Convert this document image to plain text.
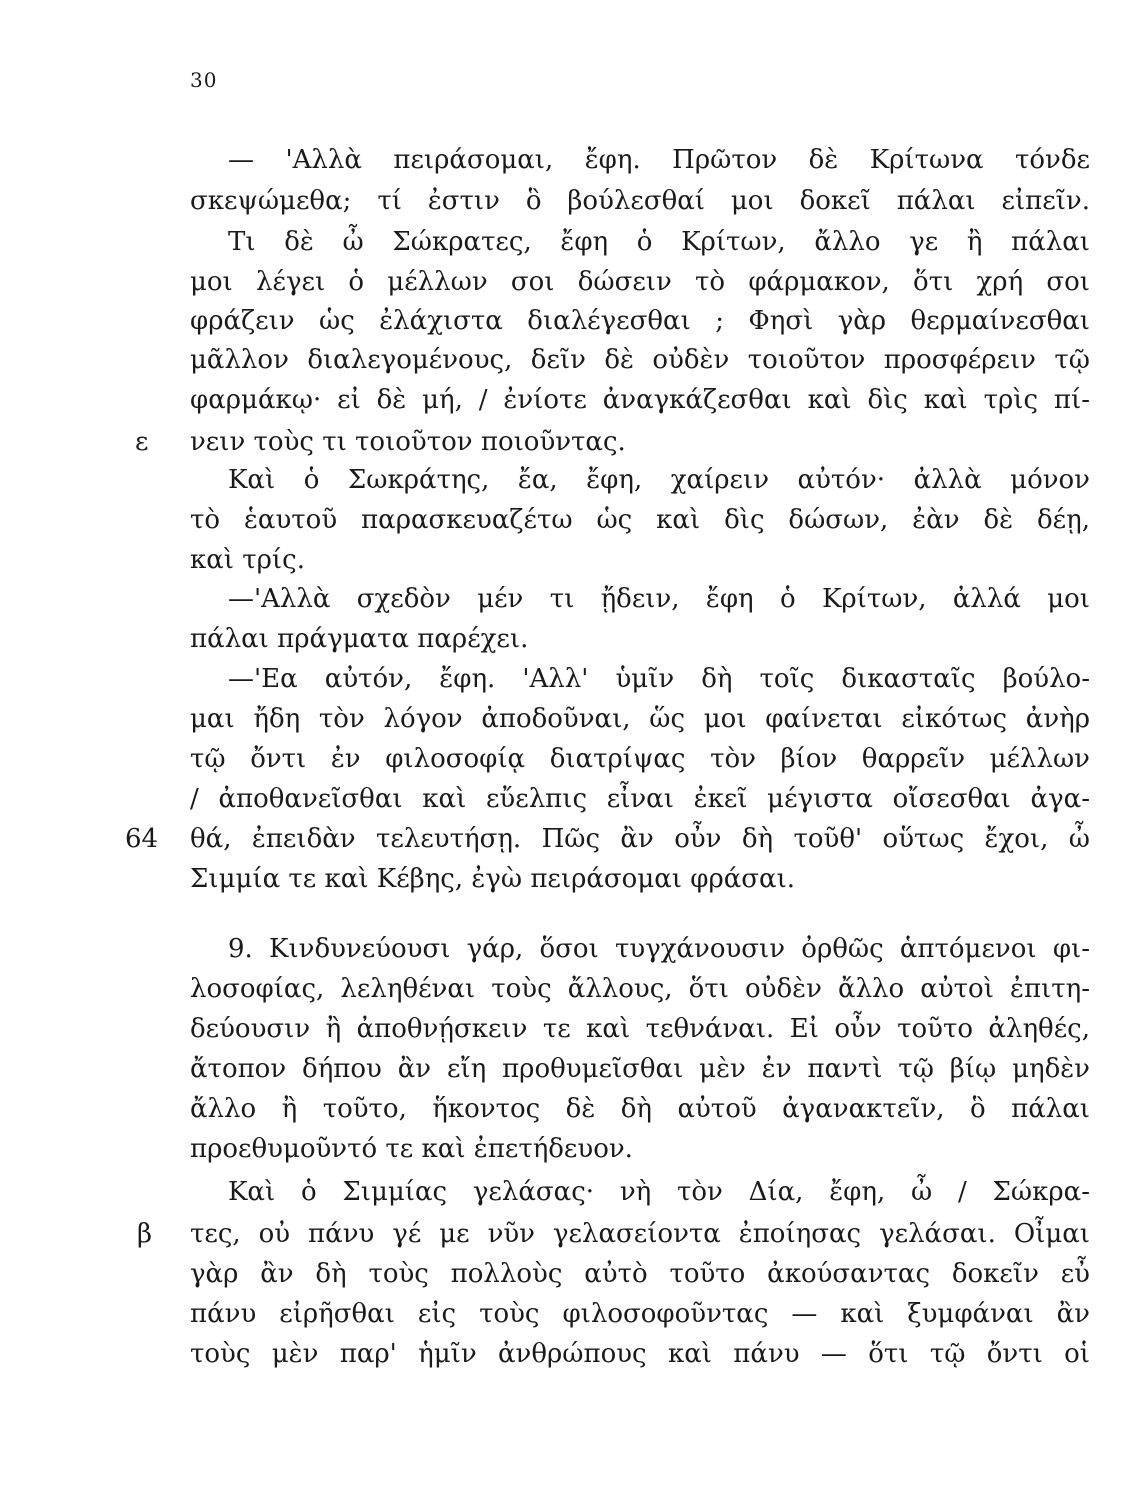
30
ε
64
β
— 'Αλλὰ πειράσομαι, ἔφη. Πρῶτον δὲ Κρίτωνα τόνδε
σκεψώμεθα; τί ἐστιν ὃ βούλεσθαί μοι δοκεῖ πάλαι εἰπεῖν.
Τι δὲ ὦ Σώκρατες, ἔφη ὁ Κρίτων, ἄλλο γε ἢ πάλαι
μοι λέγει ὁ μέλλων σοι δώσειν τὸ φάρμακον, ὅτι χρή σοι
φράζειν ὡς ἐλάχιστα διαλέγεσθαι ; Φησὶ γὰρ θερμαίνεσθαι
μᾶλλον διαλεγομένους, δεῖν δὲ οὐδὲν τοιοῦτον προσφέρειν τῷ
φαρμάκῳ· εἰ δὲ μή, / ἐνίοτε ἀναγκάζεσθαι καὶ δὶς καὶ τρὶς πί-
νειν τοὺς τι τοιοῦτον ποιοῦντας.
Καὶ ὁ Σωκράτης, ἔα, ἔφη, χαίρειν αὐτόν· ἀλλὰ μόνον
τὸ ἑαυτοῦ παρασκευαζέτω ὡς καὶ δὶς δώσων, ἐὰν δὲ δέῃ,
καὶ τρίς.
—'Αλλὰ σχεδὸν μέν τι ᾔδειν, ἔφη ὁ Κρίτων, ἀλλά μοι
πάλαι πράγματα παρέχει.
—'Εα αὐτόν, ἔφη. 'Αλλ' ὑμῖν δὴ τοῖς δικασταῖς βούλο-
μαι ἤδη τὸν λόγον ἀποδοῦναι, ὥς μοι φαίνεται εἰκότως ἀνὴρ
τῷ ὄντι ἐν φιλοσοφίᾳ διατρίψας τὸν βίον θαρρεῖν μέλλων
/ ἀποθανεῖσθαι καὶ εὔελπις εἶναι ἐκεῖ μέγιστα οἴσεσθαι ἀγα-
θά, ἐπειδὰν τελευτήσῃ. Πῶς ἂν οὖν δὴ τοῦθ' οὕτως ἔχοι, ὦ
Σιμμία τε καὶ Κέβης, ἐγὼ πειράσομαι φράσαι.
9. Κινδυνεύουσι γάρ, ὅσοι τυγχάνουσιν ὀρθῶς ἁπτόμενοι φι-
λοσοφίας, λεληθέναι τοὺς ἄλλους, ὅτι οὐδὲν ἄλλο αὐτοὶ ἐπιτη-
δεύουσιν ἢ ἀποθνῄσκειν τε καὶ τεθνάναι. Εἰ οὖν τοῦτο ἀληθές,
ἄτοπον δήπου ἂν εἴη προθυμεῖσθαι μὲν ἐν παντὶ τῷ βίῳ μηδὲν
ἄλλο ἢ τοῦτο, ἥκοντος δὲ δὴ αὐτοῦ ἀγανακτεῖν, ὃ πάλαι
προεθυμοῦντό τε καὶ ἐπετήδευον.
Καὶ ὁ Σιμμίας γελάσας· νὴ τὸν Δία, ἔφη, ὦ / Σώκρα-
τες, οὐ πάνυ γέ με νῦν γελασείοντα ἐποίησας γελάσαι. Οἶμαι
γὰρ ἂν δὴ τοὺς πολλοὺς αὐτὸ τοῦτο ἀκούσαντας δοκεῖν εὖ
πάνυ εἰρῆσθαι εἰς τοὺς φιλοσοφοῦντας — καὶ ξυμφάναι ἂν
τοὺς μὲν παρ' ἡμῖν ἀνθρώπους καὶ πάνυ — ὅτι τῷ ὄντι οἱ
